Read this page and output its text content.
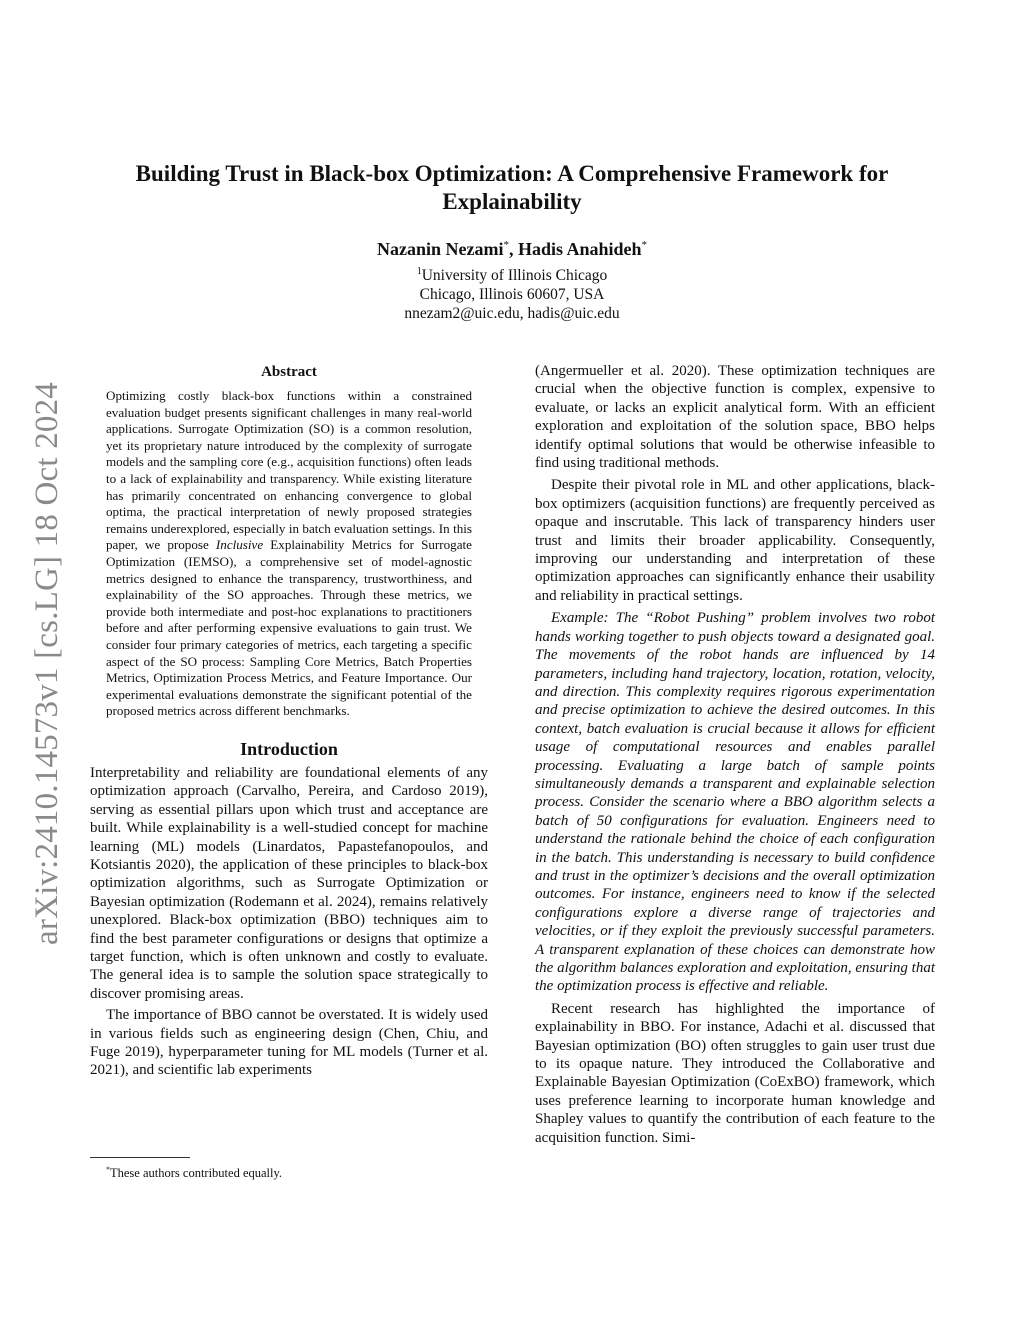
arXiv:2410.14573v1 [cs.LG] 18 Oct 2024
Building Trust in Black-box Optimization: A Comprehensive Framework for Explainability
Nazanin Nezami*, Hadis Anahideh*
$^1$University of Illinois Chicago
Chicago, Illinois 60607, USA
nnezam2@uic.edu, hadis@uic.edu
Abstract

Optimizing costly black-box functions within a constrained evaluation budget presents significant challenges in many real-world applications. Surrogate Optimization (SO) is a common resolution, yet its proprietary nature introduced by the complexity of surrogate models and the sampling core (e.g., acquisition functions) often leads to a lack of explainability and transparency. While existing literature has primarily concentrated on enhancing convergence to global optima, the practical interpretation of newly proposed strategies remains underexplored, especially in batch evaluation settings. In this paper, we propose Inclusive Explainability Metrics for Surrogate Optimization (IEMSO), a comprehensive set of model-agnostic metrics designed to enhance the transparency, trustworthiness, and explainability of the SO approaches. Through these metrics, we provide both intermediate and post-hoc explanations to practitioners before and after performing expensive evaluations to gain trust. We consider four primary categories of metrics, each targeting a specific aspect of the SO process: Sampling Core Metrics, Batch Properties Metrics, Optimization Process Metrics, and Feature Importance. Our experimental evaluations demonstrate the significant potential of the proposed metrics across different benchmarks.

Introduction

Interpretability and reliability are foundational elements of any optimization approach (Carvalho, Pereira, and Cardoso 2019), serving as essential pillars upon which trust and acceptance are built. While explainability is a well-studied concept for machine learning (ML) models (Linardatos, Papastefanopoulos, and Kotsiantis 2020), the application of these principles to black-box optimization algorithms, such as Surrogate Optimization or Bayesian optimization (Rodemann et al. 2024), remains relatively unexplored. Black-box optimization (BBO) techniques aim to find the best parameter configurations or designs that optimize a target function, which is often unknown and costly to evaluate. The general idea is to sample the solution space strategically to discover promising areas.

The importance of BBO cannot be overstated. It is widely used in various fields such as engineering design (Chen, Chiu, and Fuge 2019), hyperparameter tuning for ML models (Turner et al. 2021), and scientific lab experiments

(Angermueller et al. 2020). These optimization techniques are crucial when the objective function is complex, expensive to evaluate, or lacks an explicit analytical form. With an efficient exploration and exploitation of the solution space, BBO helps identify optimal solutions that would be otherwise infeasible to find using traditional methods.

Despite their pivotal role in ML and other applications, black-box optimizers (acquisition functions) are frequently perceived as opaque and inscrutable. This lack of transparency hinders user trust and limits their broader applicability. Consequently, improving our understanding and interpretation of these optimization approaches can significantly enhance their usability and reliability in practical settings.

Example: The “Robot Pushing” problem involves two robot hands working together to push objects toward a designated goal. The movements of the robot hands are influenced by 14 parameters, including hand trajectory, location, rotation, velocity, and direction. This complexity requires rigorous experimentation and precise optimization to achieve the desired outcomes. In this context, batch evaluation is crucial because it allows for efficient usage of computational resources and enables parallel processing. Evaluating a large batch of sample points simultaneously demands a transparent and explainable selection process. Consider the scenario where a BBO algorithm selects a batch of 50 configurations for evaluation. Engineers need to understand the rationale behind the choice of each configuration in the batch. This understanding is necessary to build confidence and trust in the optimizer’s decisions and the overall optimization outcomes. For instance, engineers need to know if the selected configurations explore a diverse range of trajectories and velocities, or if they exploit the previously successful parameters. A transparent explanation of these choices can demonstrate how the algorithm balances exploration and exploitation, ensuring that the optimization process is effective and reliable.

Recent research has highlighted the importance of explainability in BBO. For instance, Adachi et al. discussed that Bayesian optimization (BO) often struggles to gain user trust due to its opaque nature. They introduced the Collaborative and Explainable Bayesian Optimization (CoExBO) framework, which uses preference learning to incorporate human knowledge and Shapley values to quantify the contribution of each feature to the acquisition function. Simi-

*These authors contributed equally.
